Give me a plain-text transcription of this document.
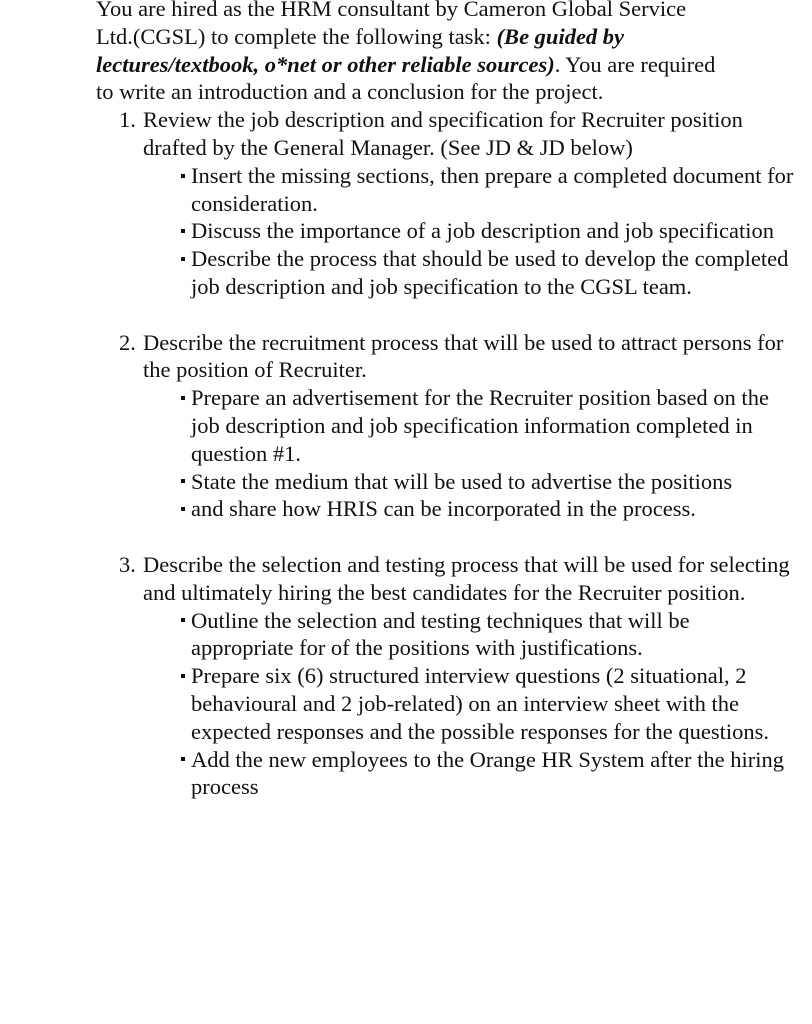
You are hired as the HRM consultant by Cameron Global Service Ltd.(CGSL) to complete the following task: (Be guided by lectures/textbook, o*net or other reliable sources). You are required to write an introduction and a conclusion for the project.

1. Review the job description and specification for Recruiter position drafted by the General Manager. (See JD & JD below)
Insert the missing sections, then prepare a completed document for consideration.
Discuss the importance of a job description and job specification
Describe the process that should be used to develop the completed job description and job specification to the CGSL team.
2. Describe the recruitment process that will be used to attract persons for the position of Recruiter.
Prepare an advertisement for the Recruiter position based on the job description and job specification information completed in question #1.
State the medium that will be used to advertise the positions
and share how HRIS can be incorporated in the process.
3. Describe the selection and testing process that will be used for selecting and ultimately hiring the best candidates for the Recruiter position.
Outline the selection and testing techniques that will be appropriate for of the positions with justifications.
Prepare six (6) structured interview questions (2 situational, 2 behavioural and 2 job-related) on an interview sheet with the expected responses and the possible responses for the questions.
Add the new employees to the Orange HR System after the hiring process
